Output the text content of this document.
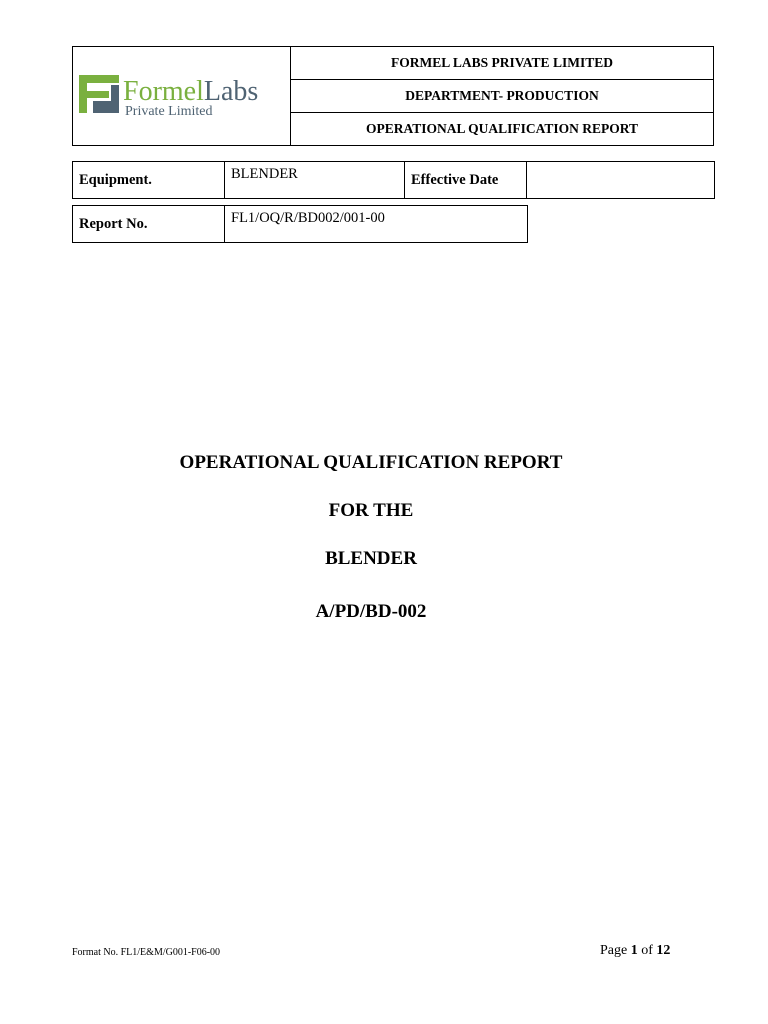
FormelLabs
Private Limited
	FORMEL LABS PRIVATE LIMITED
DEPARTMENT- PRODUCTION
OPERATIONAL QUALIFICATION REPORT
Equipment.	BLENDER	Effective Date	
Report No.	FL1/OQ/R/BD002/001-00
OPERATIONAL QUALIFICATION REPORT
FOR THE
BLENDER
A/PD/BD-002
Format No. FL1/E&M/G001-F06-00	Page 1 of 12
